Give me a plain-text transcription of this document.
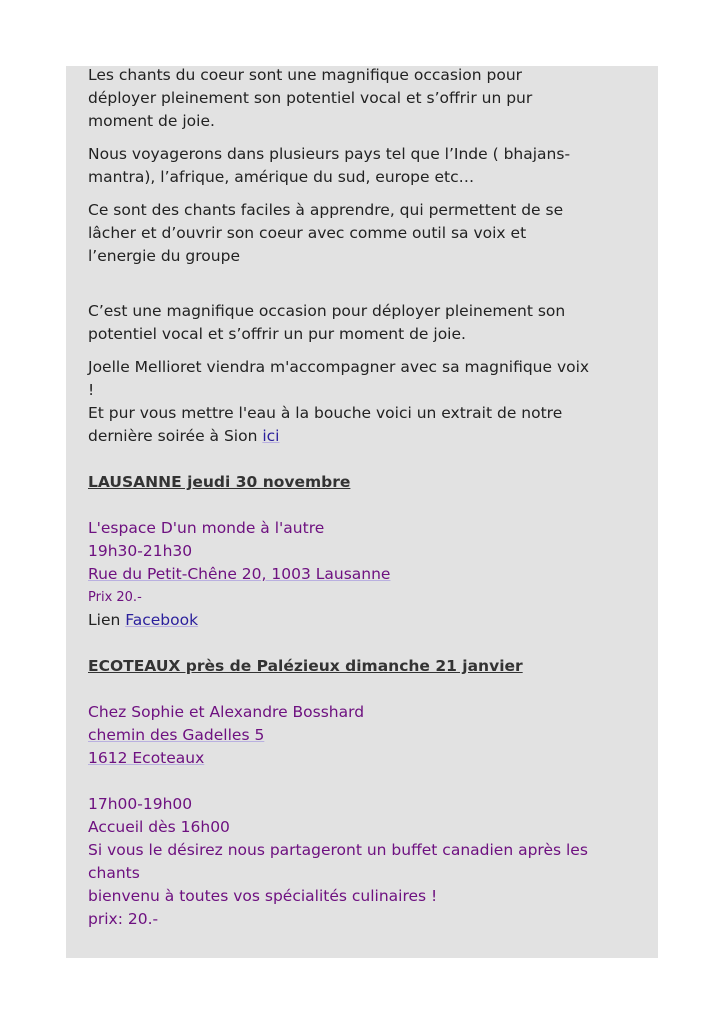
Les chants du coeur sont une magnifique occasion pour
déployer pleinement son potentiel vocal et s’offrir un pur
moment de joie.

Nous voyagerons dans plusieurs pays tel que l’Inde ( bhajans-
mantra), l’afrique, amérique du sud, europe etc…

Ce sont des chants faciles à apprendre, qui permettent de se
lâcher et d’ouvrir son coeur avec comme outil sa voix et
l’energie du groupe

C’est une magnifique occasion pour déployer pleinement son
potentiel vocal et s’offrir un pur moment de joie.

Joelle Mellioret viendra m'accompagner avec sa magnifique voix
!
Et pur vous mettre l'eau à la bouche voici un extrait de notre
dernière soirée à Sion ici

LAUSANNE jeudi 30 novembre

L'espace D'un monde à l'autre

19h30-21h30

Rue du Petit-Chêne 20, 1003 Lausanne

Prix 20.-

Lien Facebook

ECOTEAUX près de Palézieux dimanche 21 janvier

Chez Sophie et Alexandre Bosshard

chemin des Gadelles 5

1612 Ecoteaux

17h00-19h00

Accueil dès 16h00

Si vous le désirez nous partageront un buffet canadien après les
chants
bienvenu à toutes vos spécialités culinaires !

prix: 20.-
